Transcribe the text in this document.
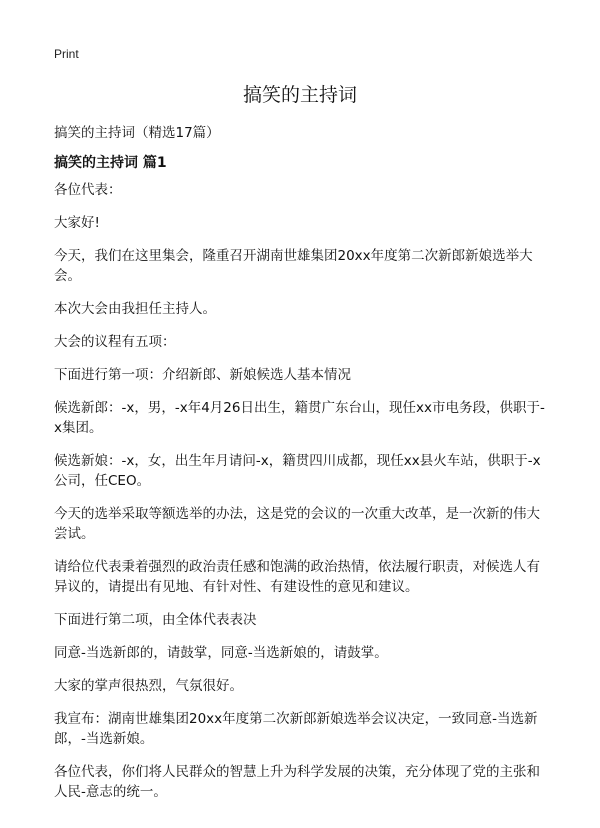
Print
搞笑的主持词
搞笑的主持词（精选17篇）
搞笑的主持词 篇1

各位代表：

大家好!

今天，我们在这里集会，隆重召开湖南世雄集团20xx年度第二次新郎新娘选举大会。

本次大会由我担任主持人。

大会的议程有五项：

下面进行第一项：介绍新郎、新娘候选人基本情况

候选新郎：-x，男，-x年4月26日出生，籍贯广东台山，现任xx市电务段，供职于-x集团。

候选新娘：-x，女，出生年月请问-x，籍贯四川成都，现任xx县火车站，供职于-x公司，任CEO。

今天的选举采取等额选举的办法，这是党的会议的一次重大改革，是一次新的伟大尝试。

请给位代表秉着强烈的政治责任感和饱满的政治热情，依法履行职责，对候选人有异议的，请提出有见地、有针对性、有建设性的意见和建议。

下面进行第二项，由全体代表表决

同意-当选新郎的，请鼓掌，同意-当选新娘的，请鼓掌。

大家的掌声很热烈，气氛很好。

我宣布：湖南世雄集团20xx年度第二次新郎新娘选举会议决定，一致同意-当选新郎，-当选新娘。

各位代表，你们将人民群众的智慧上升为科学发展的决策，充分体现了党的主张和人民-意志的统一。
